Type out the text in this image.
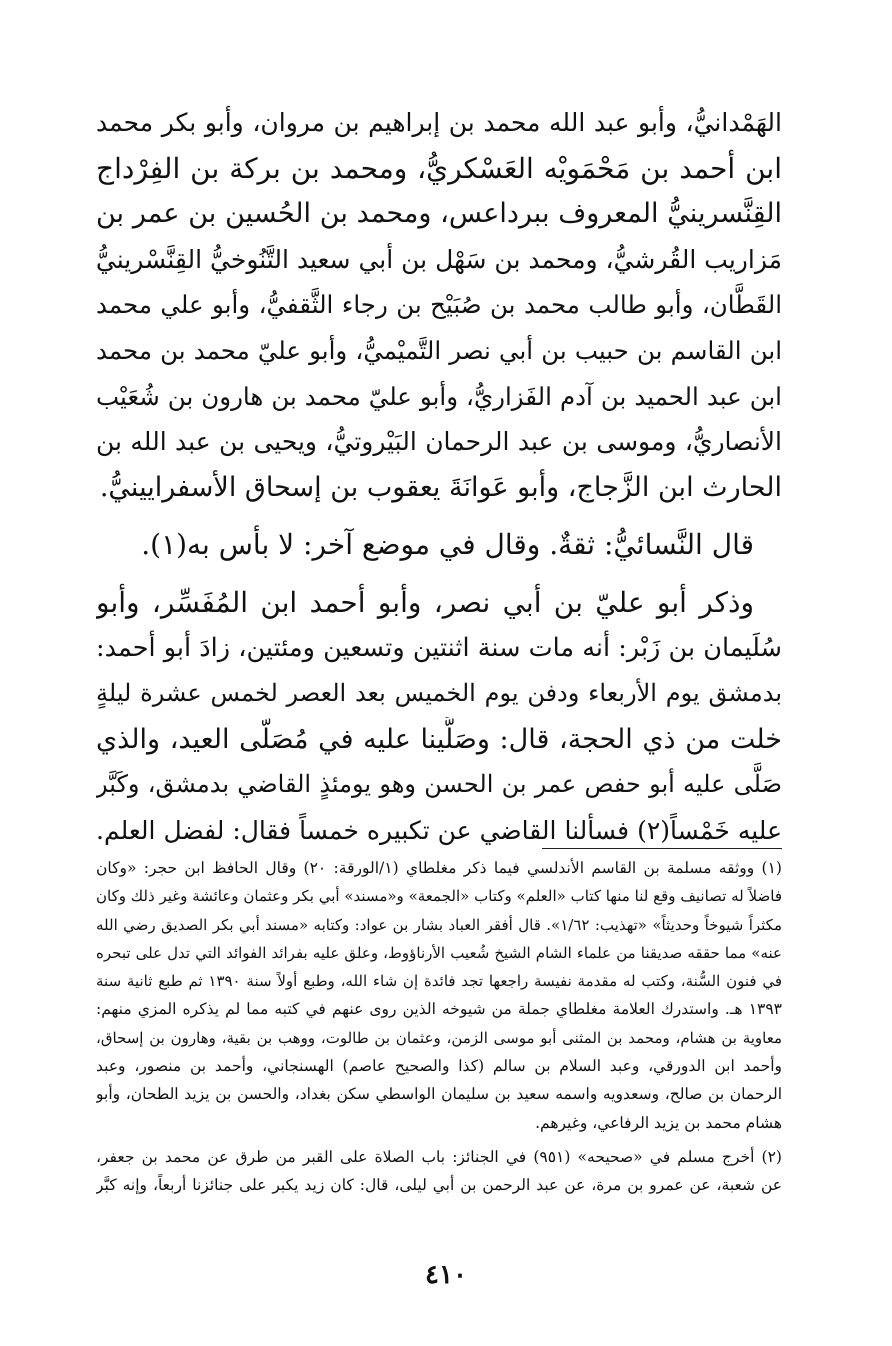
الهَمْدانيُّ، وأبو عبد الله محمد بن إبراهيم بن مروان، وأبو بكر محمد
ابن أحمد بن مَحْمَويْه العَسْكريُّ، ومحمد بن بركة بن الفِرْداج
القِنَّسرينيُّ المعروف ببرداعس، ومحمد بن الحُسين بن عمر بن
مَزاريب القُرشيُّ، ومحمد بن سَهْل بن أبي سعيد التَّنُوخيُّ القِنَّسْرينيُّ
القَطَّان، وأبو طالب محمد بن صُبَيْح بن رجاء الثَّقفيُّ، وأبو علي محمد
ابن القاسم بن حبيب بن أبي نصر التَّميْميُّ، وأبو عليّ محمد بن محمد
ابن عبد الحميد بن آدم الفَزاريُّ، وأبو عليّ محمد بن هارون بن شُعَيْب
الأنصاريُّ، وموسى بن عبد الرحمان البَيْروتيُّ، ويحيى بن عبد الله بن
الحارث ابن الزَّجاج، وأبو عَوانَةَ يعقوب بن إسحاق الأسفرايينيُّ.
قال النَّسائيُّ: ثقةٌ. وقال في موضع آخر: لا بأس به(١).
وذكر أبو عليّ بن أبي نصر، وأبو أحمد ابن المُفَسِّر، وأبو
سُلَيمان بن زَبْر: أنه مات سنة اثنتين وتسعين ومئتين، زادَ أبو أحمد:
بدمشق يوم الأربعاء ودفن يوم الخميس بعد العصر لخمس عشرة ليلةٍ
خلت من ذي الحجة، قال: وصَلَّينا عليه في مُصَلّى العيد، والذي
صَلَّى عليه أبو حفص عمر بن الحسن وهو يومئذٍ القاضي بدمشق، وكَبَّر
عليه خَمْساً(٢) فسألنا القاضي عن تكبيره خمساً فقال: لفضل العلم.
(١) ووثقه مسلمة بن القاسم الأندلسي فيما ذكر مغلطاي (١/الورقة: ٢٠) وقال الحافظ ابن حجر: «وكان
فاضلاً له تصانيف وقع لنا منها كتاب «العلم» وكتاب «الجمعة» و«مسند» أبي بكر وعثمان وعائشة وغير ذلك وكان
مكثراً شيوخاً وحديثاً» «تهذيب: ١/٦٢». قال أفقر العباد بشار بن عواد: وكتابه «مسند أبي بكر الصديق رضي الله
عنه» مما حققه صديقنا من علماء الشام الشيخ شُعيب الأرناؤوط، وعلق عليه بفرائد الفوائد التي تدل على تبحره
في فنون السُّنة، وكتب له مقدمة نفيسة راجعها تجد فائدة إن شاء الله، وطبع أولاً سنة ١٣٩٠ ثم طبع ثانية سنة
١٣٩٣ هـ. واستدرك العلامة مغلطاي جملة من شيوخه الذين روى عنهم في كتبه مما لم يذكره المزي منهم:
معاوية بن هشام، ومحمد بن المثنى أبو موسى الزمن، وعثمان بن طالوت، ووهب بن بقية، وهارون بن إسحاق،
وأحمد ابن الدورقي، وعبد السلام بن سالم (كذا والصحيح عاصم) الهسنجاني، وأحمد بن منصور، وعبد
الرحمان بن صالح، وسعدويه واسمه سعيد بن سليمان الواسطي سكن بغداد، والحسن بن يزيد الطحان، وأبو
هشام محمد بن يزيد الرفاعي، وغيرهم.
(٢) أخرج مسلم في «صحيحه» (٩٥١) في الجنائز: باب الصلاة على القبر من طرق عن محمد بن جعفر،
عن شعبة، عن عمرو بن مرة، عن عبد الرحمن بن أبي ليلى، قال: كان زيد يكبر على جنائزنا أربعاً، وإنه كبَّر
٤١٠
